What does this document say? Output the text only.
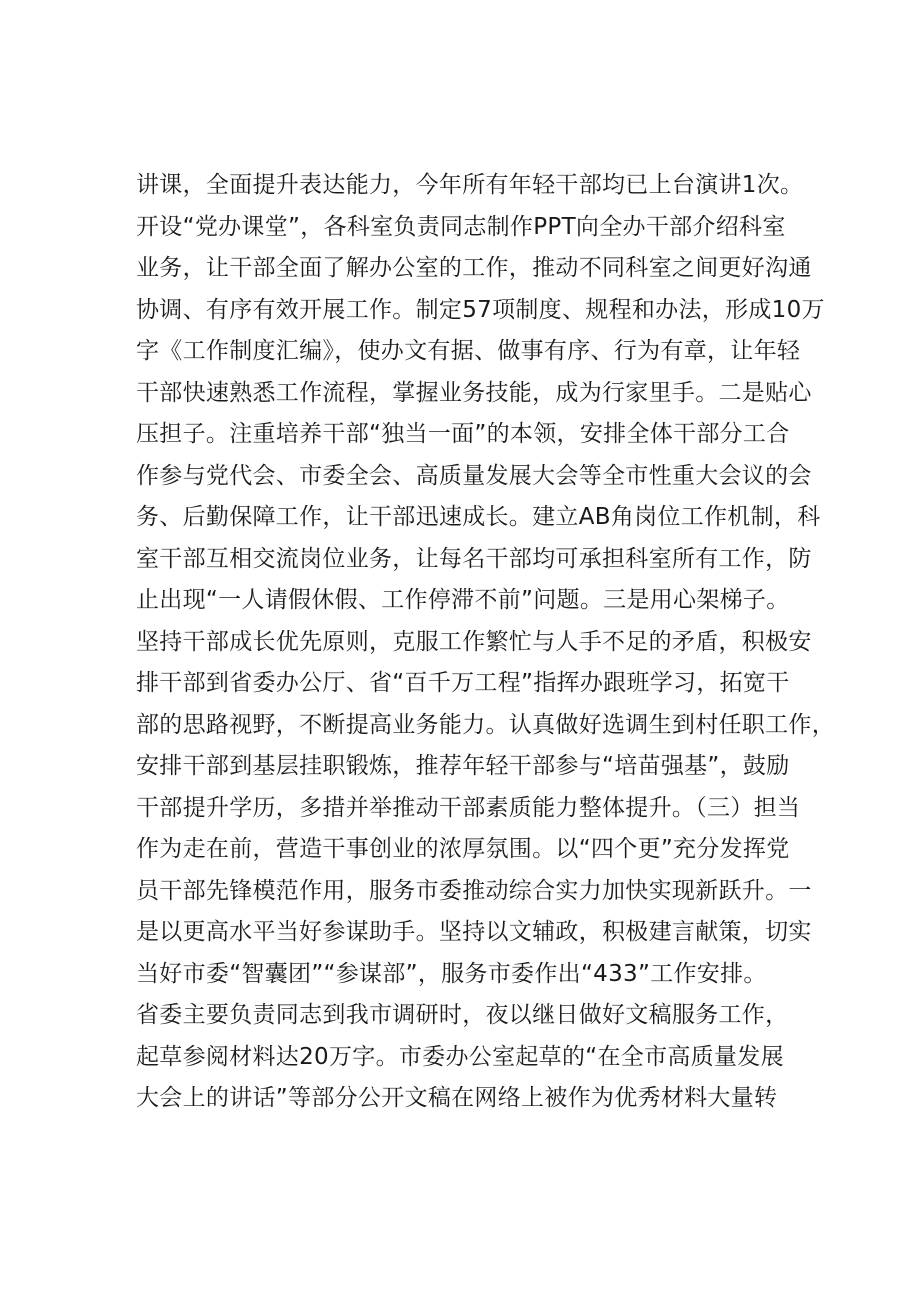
讲课，全面提升表达能力，今年所有年轻干部均已上台演讲1次。
开设“党办课堂”，各科室负责同志制作PPT向全办干部介绍科室
业务，让干部全面了解办公室的工作，推动不同科室之间更好沟通
协调、有序有效开展工作。制定57项制度、规程和办法，形成10万
字《工作制度汇编》，使办文有据、做事有序、行为有章，让年轻
干部快速熟悉工作流程，掌握业务技能，成为行家里手。二是贴心
压担子。注重培养干部“独当一面”的本领，安排全体干部分工合
作参与党代会、市委全会、高质量发展大会等全市性重大会议的会
务、后勤保障工作，让干部迅速成长。建立AB角岗位工作机制，科
室干部互相交流岗位业务，让每名干部均可承担科室所有工作，防
止出现“一人请假休假、工作停滞不前”问题。三是用心架梯子。
坚持干部成长优先原则，克服工作繁忙与人手不足的矛盾，积极安
排干部到省委办公厅、省“百千万工程”指挥办跟班学习，拓宽干
部的思路视野，不断提高业务能力。认真做好选调生到村任职工作，
安排干部到基层挂职锻炼，推荐年轻干部参与“培苗强基”，鼓励
干部提升学历，多措并举推动干部素质能力整体提升。（三）担当
作为走在前，营造干事创业的浓厚氛围。以“四个更”充分发挥党
员干部先锋模范作用，服务市委推动综合实力加快实现新跃升。一
是以更高水平当好参谋助手。坚持以文辅政，积极建言献策，切实
当好市委“智囊团”“参谋部”，服务市委作出“433”工作安排。
省委主要负责同志到我市调研时，夜以继日做好文稿服务工作，
起草参阅材料达20万字。市委办公室起草的“在全市高质量发展
大会上的讲话”等部分公开文稿在网络上被作为优秀材料大量转
